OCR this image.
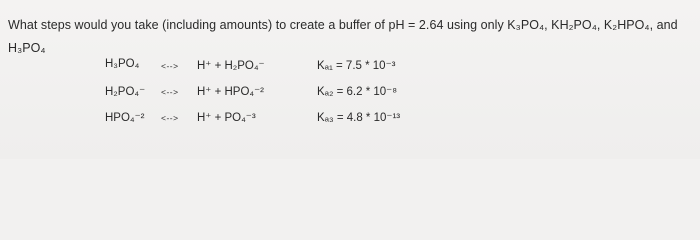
What steps would you take (including amounts) to create a buffer of pH = 2.64 using only K₃PO₄, KH₂PO₄, K₂HPO₄, and
H₃PO₄
H₃PO₄	<--> H⁺ + H₂PO₄⁻	Kₐ₁ = 7.5 * 10⁻³
H₂PO₄⁻ <--> H⁺ + HPO₄⁻²	Kₐ₂ = 6.2 * 10⁻⁸
HPO₄⁻² <--> H⁺ + PO₄⁻³	Kₐ₃ = 4.8 * 10⁻¹³
